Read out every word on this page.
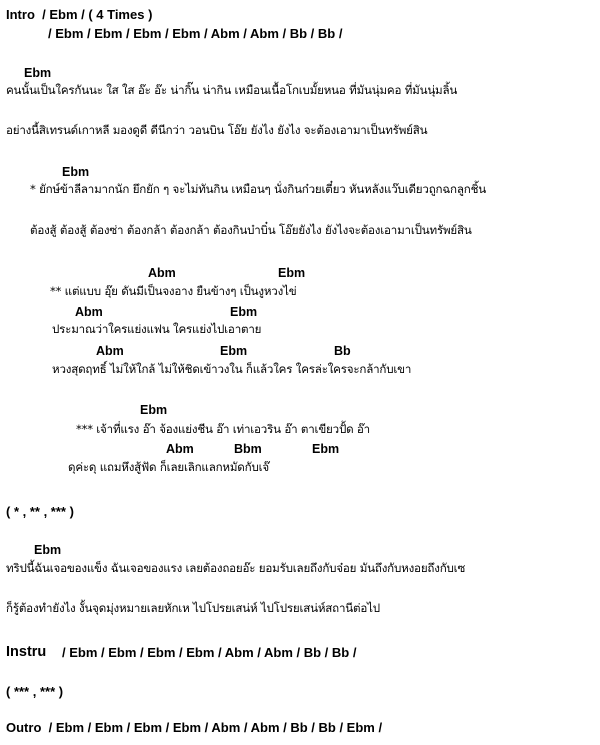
Intro  / Ebm / ( 4 Times )
/ Ebm / Ebm / Ebm / Ebm / Abm / Abm / Bb / Bb /
Ebm
คนนั้นเป็นใครกันนะ ใส ใส อ๊ะ อ๊ะ น่ากิ๊น น่ากิน เหมือนเนื้อโกเบมั้ยหนอ ที่มันนุ่มคอ ที่มันนุ่มลิ้น
อย่างนี้สิเทรนด์เกาหลี มองดูดี ดีนีกว่า วอนบิน โอ๊ย ยังไง ยังไง จะต้องเอามาเป็นทรัพย์สิน
Ebm
* ยักษ์ข้าลีลามากนัก ยึกยัก ๆ จะไม่ทันกิน เหมือนๆ นั่งกินก๋วยเตี๋ยว หันหลังแว๊บเดียวถูกฉกลูกชิ้น
ต้องสู้ ต้องสู้ ต้องซ่า ต้องกล้า ต้องกล้า ต้องกินบ๋าบิ๋น โอ๊ยยังไง ยังไงจะต้องเอามาเป็นทรัพย์สิน
Abm	Ebm
** แต่แบบ อุ๊ย ดันมีเป็นจงอาง ยืนข้างๆ เป็นงูหวงไข่
Abm	Ebm
ประมาณว่าใครแย่งแฟน ใครแย่งไปเอาตาย
Abm	Ebm	Bb
หวงสุดฤทธิ์ ไม่ให้ใกล้ ไม่ให้ชิดเข้าวงใน ก็แล้วใคร ใครล่ะใครจะกล้ากับเขา
Ebm
*** เจ้าที่แรง อ๊า จ้องแย่งชีน อ๊า เท่าเอวริน อ๊า ตาเขียวปั้ด อ๊า
Abm	Bbm	Ebm
ดุค่ะดุ แถมหึงสู้ฟัด ก็เลยเลิกแลกหมัดกับเจ๊
( * , ** , *** )
Ebm
ทริปนี้ฉันเจอของแข็ง ฉันเจอของแรง เลยต้องถอยอ๊ะ ยอมรับเลยถึงกับจ๋อย มันถึงกับหงอยถึงกับเซ
ก็รู้ต้องทำยังไง งั้นจุดมุ่งหมายเลยหักเห ไปโปรยเสน่ห์ ไปโปรยเสน่ห์สถานีต่อไป
Instru / Ebm / Ebm / Ebm / Ebm / Abm / Abm / Bb / Bb /
( *** , *** )
Outro  / Ebm / Ebm / Ebm / Ebm / Abm / Abm / Bb / Bb / Ebm /
